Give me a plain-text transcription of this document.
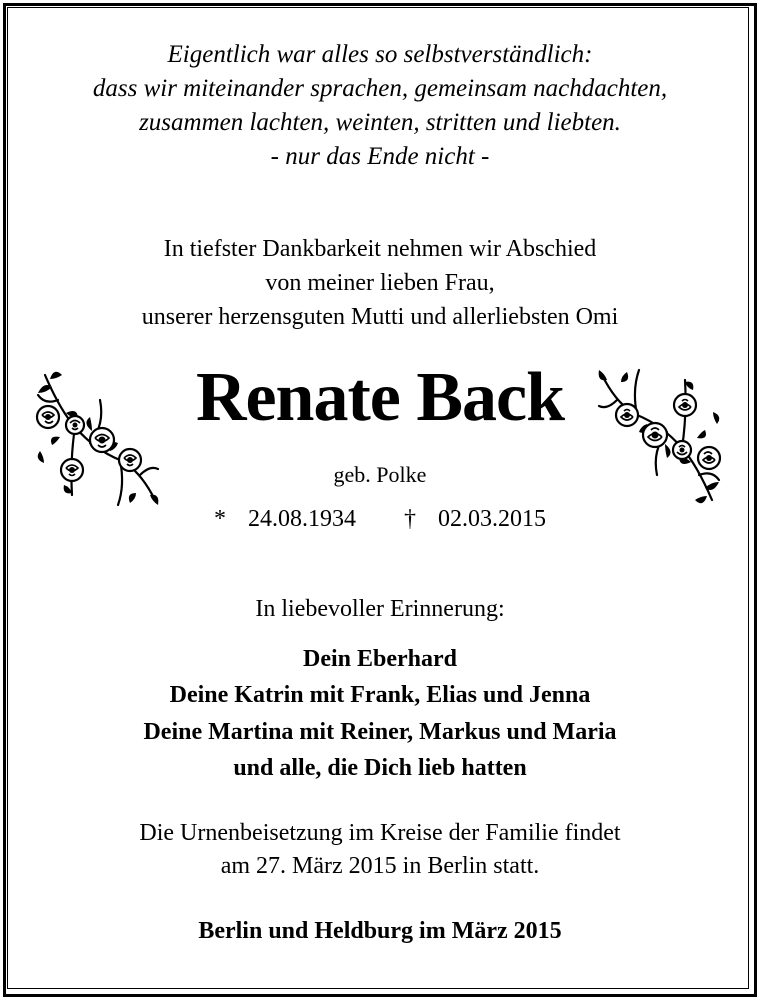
Eigentlich war alles so selbstverständlich:
dass wir miteinander sprachen, gemeinsam nachdachten,
zusammen lachten, weinten, stritten und liebten.
- nur das Ende nicht -
In tiefster Dankbarkeit nehmen wir Abschied
von meiner lieben Frau,
unserer herzensguten Mutti und allerliebsten Omi
Renate Back
geb. Polke
* 24.08.1934 † 02.03.2015
In liebevoller Erinnerung:
Dein Eberhard
Deine Katrin mit Frank, Elias und Jenna
Deine Martina mit Reiner, Markus und Maria
und alle, die Dich lieb hatten
Die Urnenbeisetzung im Kreise der Familie findet
am 27. März 2015 in Berlin statt.
Berlin und Heldburg im März 2015
